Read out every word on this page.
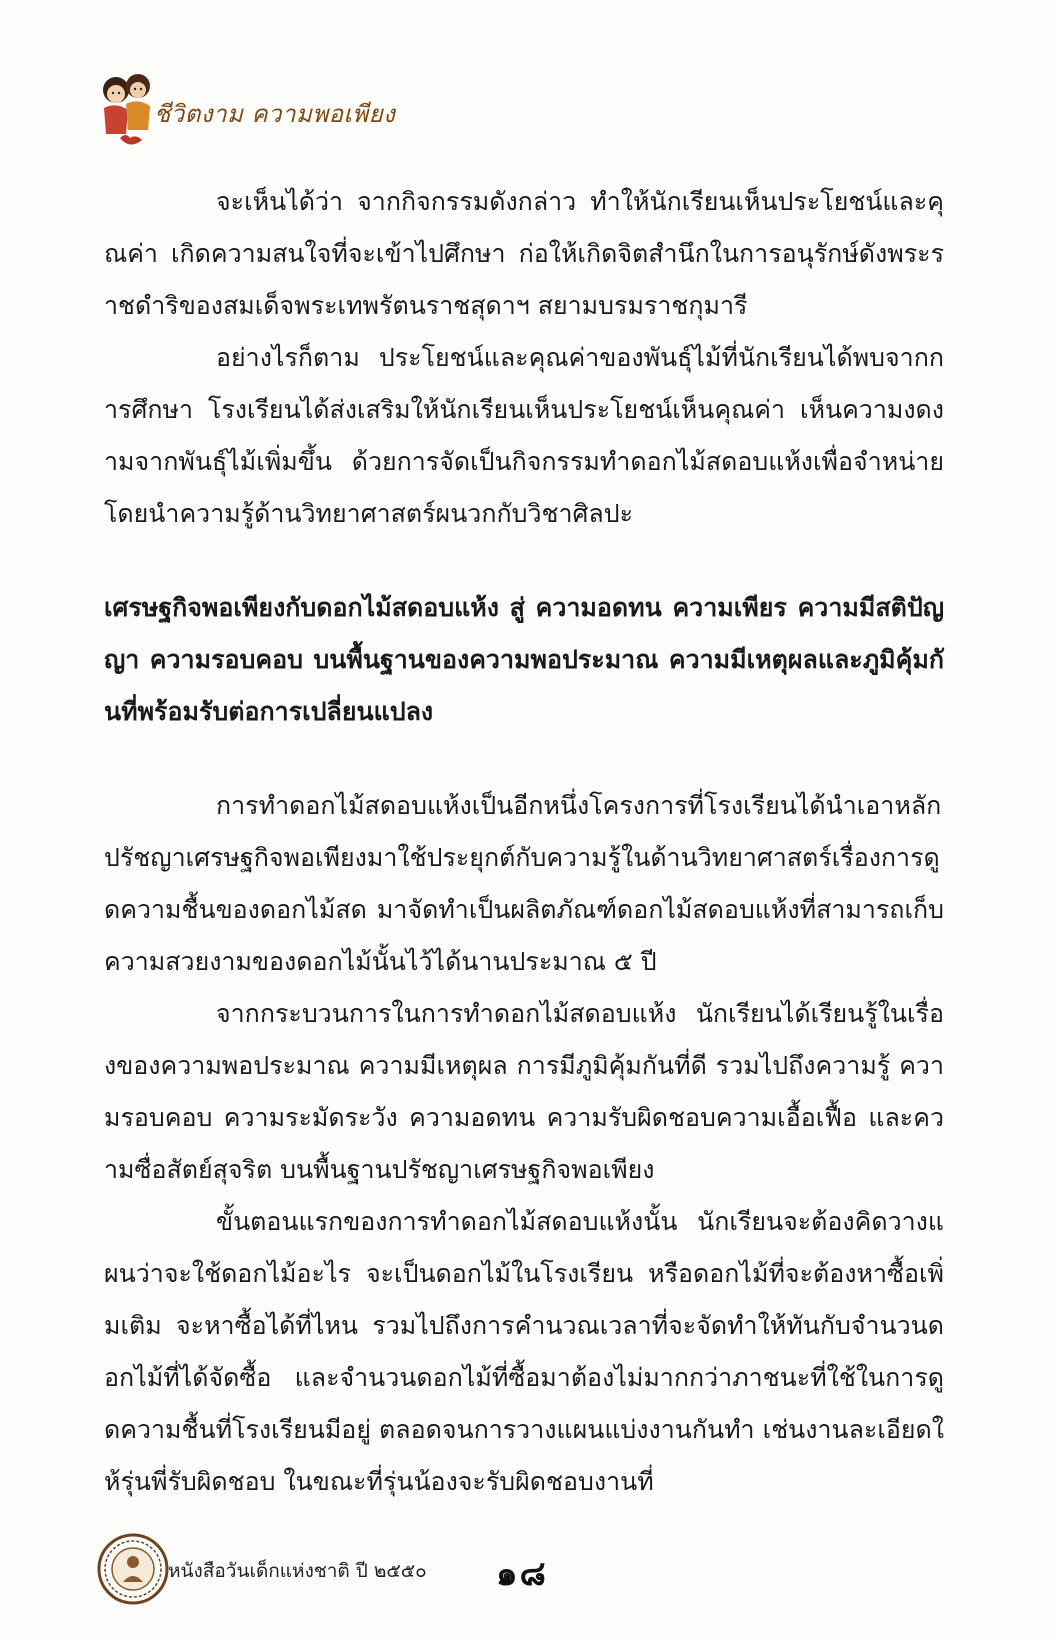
ชีวิตงาม ความพอเพียง

จะเห็นได้ว่า จากกิจกรรมดังกล่าว ทำให้นักเรียนเห็นประโยชน์และคุณค่า เกิดความสนใจที่จะเข้าไปศึกษา ก่อให้เกิดจิตสำนึกในการอนุรักษ์ดังพระราชดำริของสมเด็จพระเทพรัตนราชสุดาฯ สยามบรมราชกุมารี

อย่างไรก็ตาม ประโยชน์และคุณค่าของพันธุ์ไม้ที่นักเรียนได้พบจากการศึกษา โรงเรียนได้ส่งเสริมให้นักเรียนเห็นประโยชน์เห็นคุณค่า เห็นความงดงามจากพันธุ์ไม้เพิ่มขึ้น ด้วยการจัดเป็นกิจกรรมทำดอกไม้สดอบแห้งเพื่อจำหน่าย โดยนำความรู้ด้านวิทยาศาสตร์ผนวกกับวิชาศิลปะ

เศรษฐกิจพอเพียงกับดอกไม้สดอบแห้ง สู่ ความอดทน ความเพียร ความมีสติปัญญา ความรอบคอบ บนพื้นฐานของความพอประมาณ ความมีเหตุผลและภูมิคุ้มกันที่พร้อมรับต่อการเปลี่ยนแปลง

การทำดอกไม้สดอบแห้งเป็นอีกหนึ่งโครงการที่โรงเรียนได้นำเอาหลักปรัชญาเศรษฐกิจพอเพียงมาใช้ประยุกต์กับความรู้ในด้านวิทยาศาสตร์เรื่องการดูดความชื้นของดอกไม้สด มาจัดทำเป็นผลิตภัณฑ์ดอกไม้สดอบแห้งที่สามารถเก็บความสวยงามของดอกไม้นั้นไว้ได้นานประมาณ ๕ ปี

จากกระบวนการในการทำดอกไม้สดอบแห้ง นักเรียนได้เรียนรู้ในเรื่องของความพอประมาณ ความมีเหตุผล การมีภูมิคุ้มกันที่ดี รวมไปถึงความรู้ ความรอบคอบ ความระมัดระวัง ความอดทน ความรับผิดชอบความเอื้อเฟื้อ และความซื่อสัตย์สุจริต บนพื้นฐานปรัชญาเศรษฐกิจพอเพียง

ขั้นตอนแรกของการทำดอกไม้สดอบแห้งนั้น นักเรียนจะต้องคิดวางแผนว่าจะใช้ดอกไม้อะไร จะเป็นดอกไม้ในโรงเรียน หรือดอกไม้ที่จะต้องหาซื้อเพิ่มเติม จะหาซื้อได้ที่ไหน รวมไปถึงการคำนวณเวลาที่จะจัดทำให้ทันกับจำนวนดอกไม้ที่ได้จัดซื้อ และจำนวนดอกไม้ที่ซื้อมาต้องไม่มากกว่าภาชนะที่ใช้ในการดูดความชื้นที่โรงเรียนมีอยู่ ตลอดจนการวางแผนแบ่งงานกันทำ เช่นงานละเอียดให้รุ่นพี่รับผิดชอบ ในขณะที่รุ่นน้องจะรับผิดชอบงานที่

หนังสือวันเด็กแห่งชาติ ปี ๒๕๕๐ ๑๘
